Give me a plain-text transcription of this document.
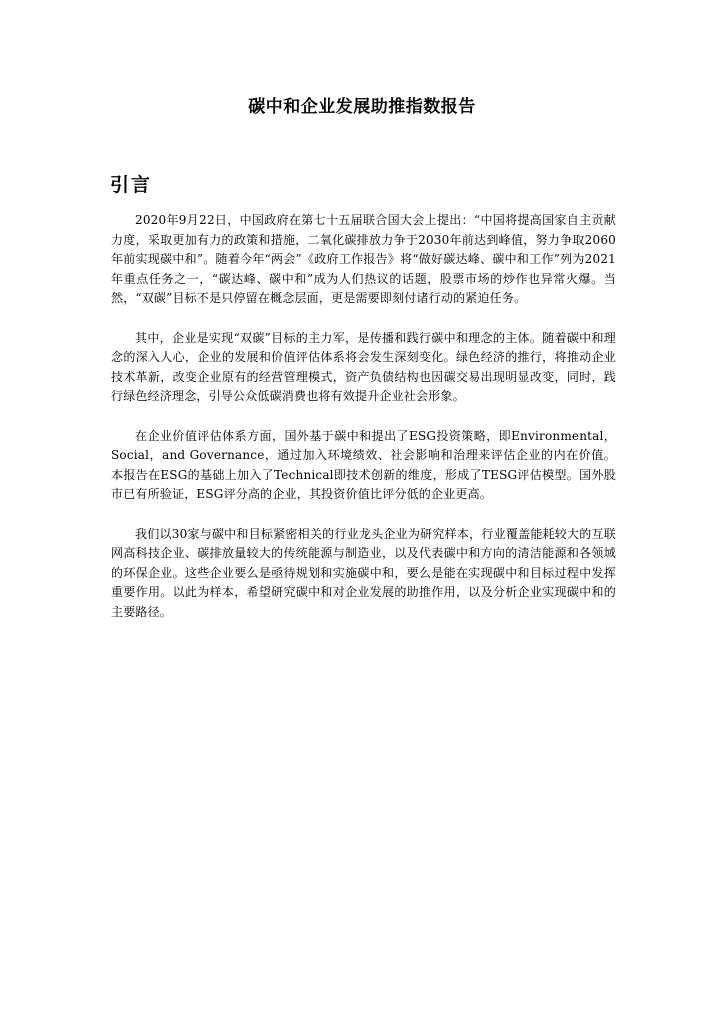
碳中和企业发展助推指数报告
引言

2020年9月22日，中国政府在第七十五届联合国大会上提出：“中国将提高国家自主贡献力度，采取更加有力的政策和措施，二氧化碳排放力争于2030年前达到峰值，努力争取2060年前实现碳中和”。随着今年“两会”《政府工作报告》将“做好碳达峰、碳中和工作”列为2021年重点任务之一，“碳达峰、碳中和”成为人们热议的话题，股票市场的炒作也异常火爆。当然，“双碳”目标不是只停留在概念层面，更是需要即刻付诸行动的紧迫任务。

其中，企业是实现“双碳”目标的主力军，是传播和践行碳中和理念的主体。随着碳中和理念的深入人心，企业的发展和价值评估体系将会发生深刻变化。绿色经济的推行，将推动企业技术革新，改变企业原有的经营管理模式，资产负债结构也因碳交易出现明显改变，同时，践行绿色经济理念，引导公众低碳消费也将有效提升企业社会形象。

在企业价值评估体系方面，国外基于碳中和提出了ESG投资策略，即Environmental，Social，and Governance，通过加入环境绩效、社会影响和治理来评估企业的内在价值。本报告在ESG的基础上加入了Technical即技术创新的维度，形成了TESG评估模型。国外股市已有所验证，ESG评分高的企业，其投资价值比评分低的企业更高。

我们以30家与碳中和目标紧密相关的行业龙头企业为研究样本，行业覆盖能耗较大的互联网高科技企业、碳排放量较大的传统能源与制造业，以及代表碳中和方向的清洁能源和各领域的环保企业。这些企业要么是亟待规划和实施碳中和，要么是能在实现碳中和目标过程中发挥重要作用。以此为样本，希望研究碳中和对企业发展的助推作用，以及分析企业实现碳中和的主要路径。
